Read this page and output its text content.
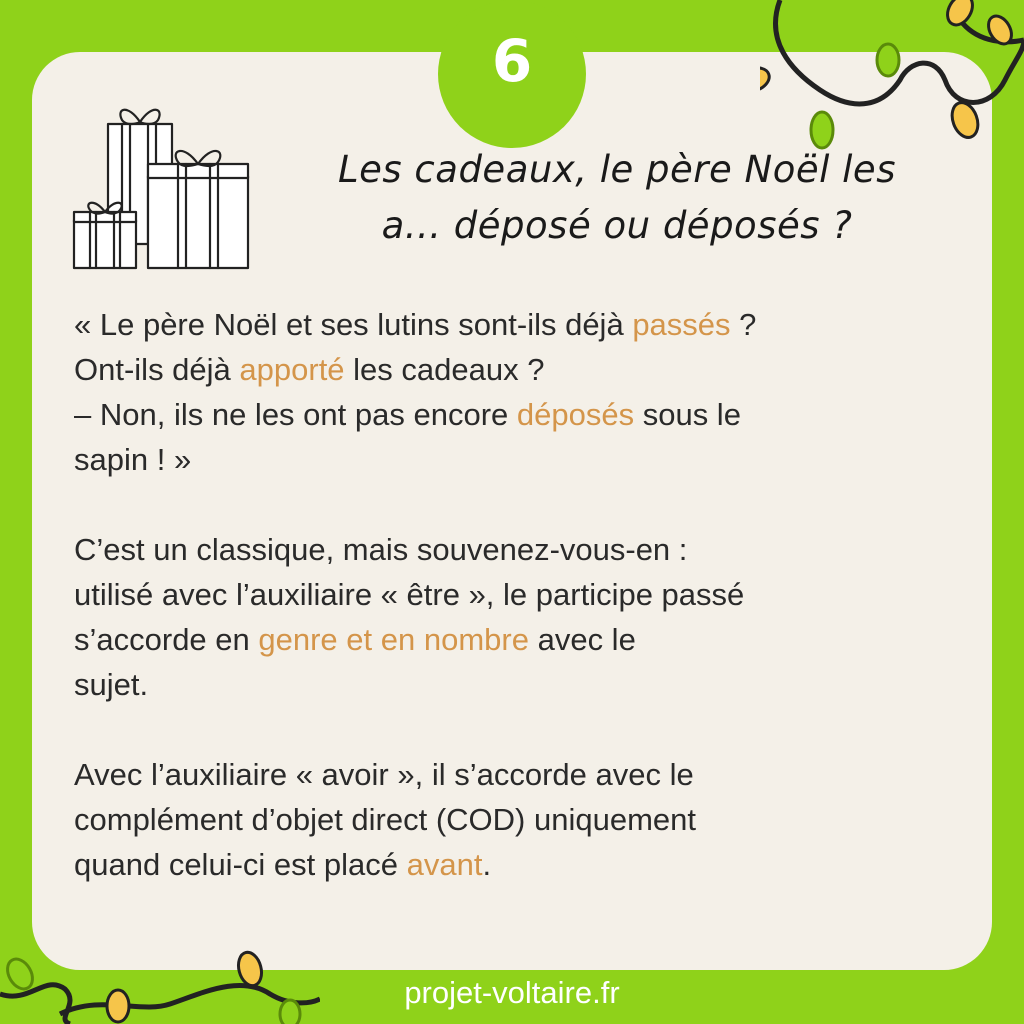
6
Les cadeaux, le père Noël les
a... déposé ou déposés ?

« Le père Noël et ses lutins sont-ils déjà passés ?

Ont-ils déjà apporté les cadeaux ?

– Non, ils ne les ont pas encore déposés sous le

sapin ! »

C’est un classique, mais souvenez-vous-en :

utilisé avec l’auxiliaire « être », le participe passé

s’accorde en genre et en nombre avec le

sujet.

Avec l’auxiliaire « avoir », il s’accorde avec le

complément d’objet direct (COD) uniquement

quand celui-ci est placé avant.

projet-voltaire.fr
